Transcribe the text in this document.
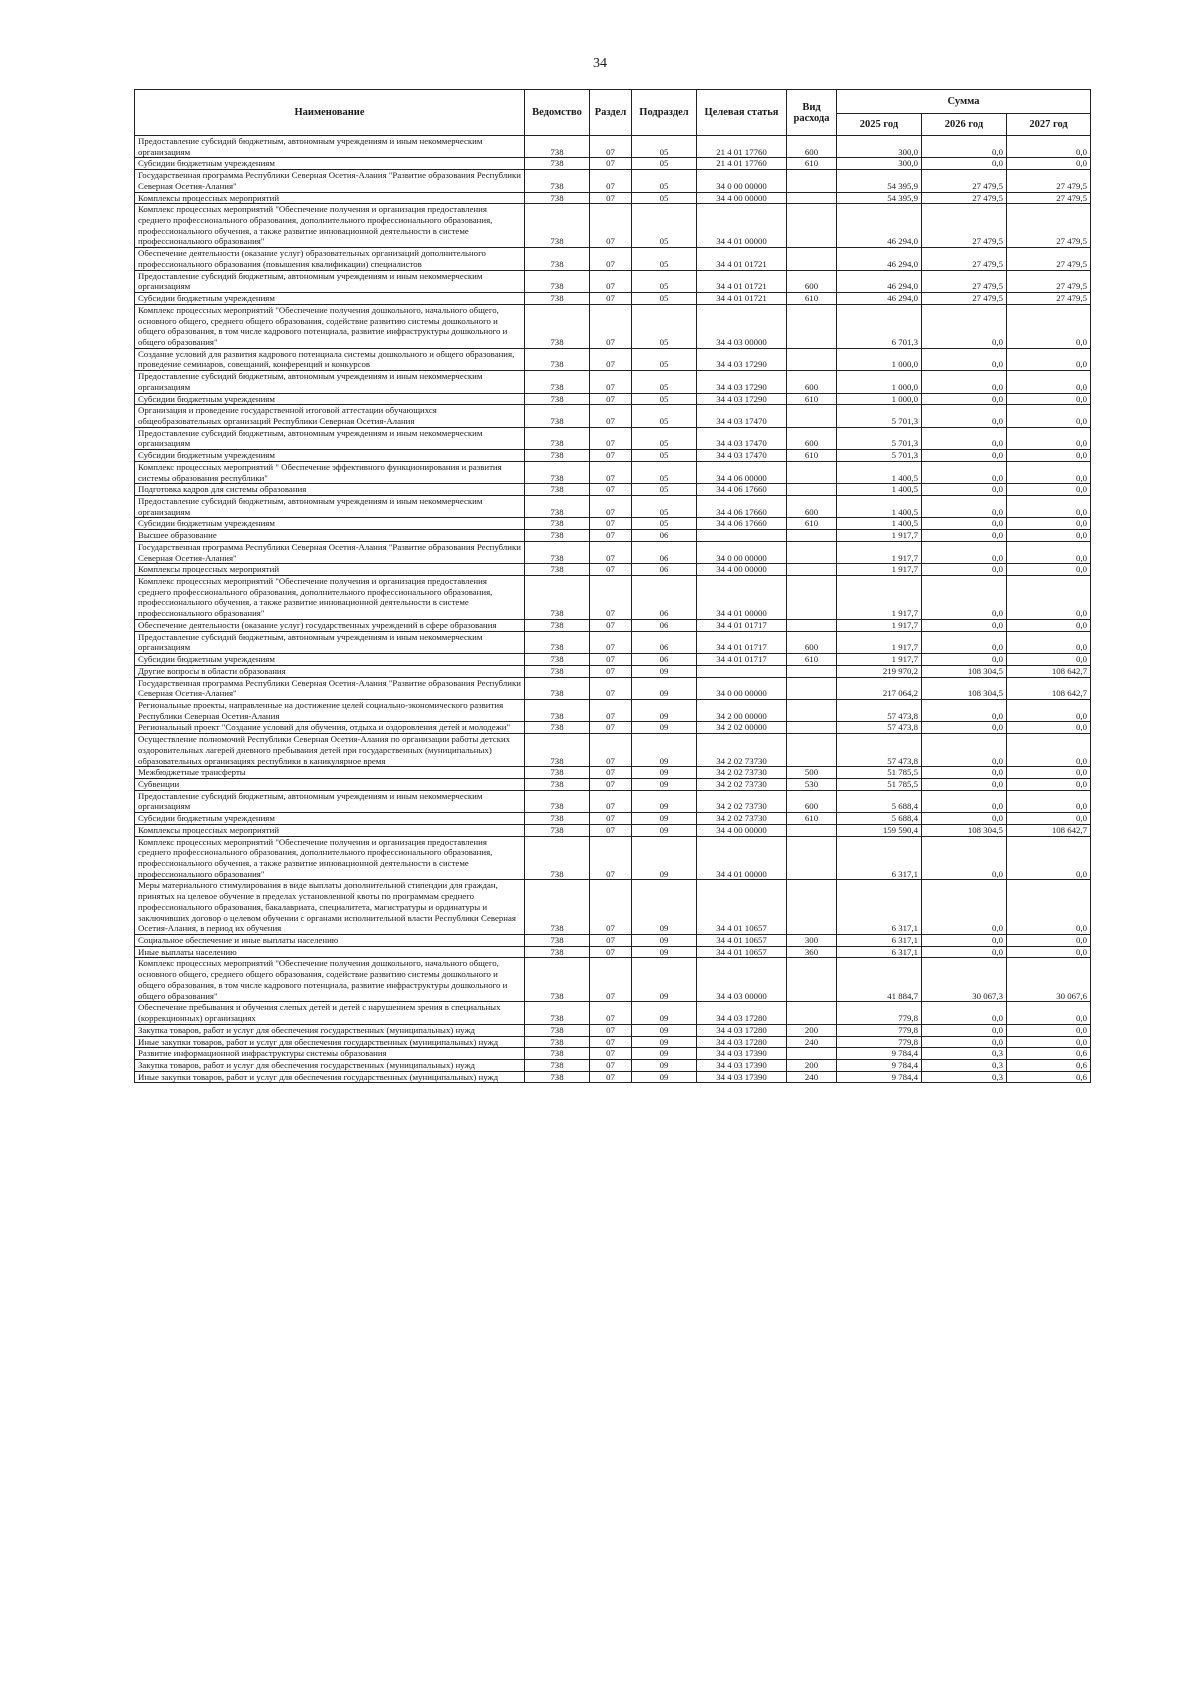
34
Наименование	Ведомство	Раздел	Подраздел	Целевая статья	Вид расхода	Сумма		
						2025 год	2026 год	2027 год
Предоставление субсидий бюджетным, автономным учреждениям и иным некоммерческим организациям	738	07	05	21 4 01 17760	600	300,0	0,0	0,0
Субсидии бюджетным учреждениям	738	07	05	21 4 01 17760	610	300,0	0,0	0,0
Государственная программа Республики Северная Осетия-Алания "Развитие образования Республики Северная Осетия-Алания"	738	07	05	34 0 00 00000		54 395,9	27 479,5	27 479,5
Комплексы процессных мероприятий	738	07	05	34 4 00 00000		54 395,9	27 479,5	27 479,5
Комплекс процессных мероприятий "Обеспечение получения и организация предоставления среднего профессионального образования, дополнительного профессионального образования, профессионального обучения, а также развитие инновационной деятельности в системе профессионального образования"	738	07	05	34 4 01 00000		46 294,0	27 479,5	27 479,5
Обеспечение деятельности (оказание услуг) образовательных организаций дополнительного профессионального образования (повышения квалификации) специалистов	738	07	05	34 4 01 01721		46 294,0	27 479,5	27 479,5
Предоставление субсидий бюджетным, автономным учреждениям и иным некоммерческим организациям	738	07	05	34 4 01 01721	600	46 294,0	27 479,5	27 479,5
Субсидии бюджетным учреждениям	738	07	05	34 4 01 01721	610	46 294,0	27 479,5	27 479,5
Комплекс процессных мероприятий "Обеспечение получения дошкольного, начального общего, основного общего, среднего общего образования, содействие развитию системы дошкольного и общего образования, в том числе кадрового потенциала, развитие инфраструктуры дошкольного и общего образования"	738	07	05	34 4 03 00000		6 701,3	0,0	0,0
Создание условий для развития кадрового потенциала системы дошкольного и общего образования, проведение семинаров, совещаний, конференций и конкурсов	738	07	05	34 4 03 17290		1 000,0	0,0	0,0
Предоставление субсидий бюджетным, автономным учреждениям и иным некоммерческим организациям	738	07	05	34 4 03 17290	600	1 000,0	0,0	0,0
Субсидии бюджетным учреждениям	738	07	05	34 4 03 17290	610	1 000,0	0,0	0,0
Организация и проведение государственной итоговой аттестации обучающихся общеобразовательных организаций Республики Северная Осетия-Алания	738	07	05	34 4 03 17470		5 701,3	0,0	0,0
Предоставление субсидий бюджетным, автономным учреждениям и иным некоммерческим организациям	738	07	05	34 4 03 17470	600	5 701,3	0,0	0,0
Субсидии бюджетным учреждениям	738	07	05	34 4 03 17470	610	5 701,3	0,0	0,0
Комплекс процессных мероприятий " Обеспечение эффективного функционирования и развития системы образования республики"	738	07	05	34 4 06 00000		1 400,5	0,0	0,0
Подготовка кадров для системы образования	738	07	05	34 4 06 17660		1 400,5	0,0	0,0
Предоставление субсидий бюджетным, автономным учреждениям и иным некоммерческим организациям	738	07	05	34 4 06 17660	600	1 400,5	0,0	0,0
Субсидии бюджетным учреждениям	738	07	05	34 4 06 17660	610	1 400,5	0,0	0,0
Высшее образование	738	07	06			1 917,7	0,0	0,0
Государственная программа Республики Северная Осетия-Алания "Развитие образования Республики Северная Осетия-Алания"	738	07	06	34 0 00 00000		1 917,7	0,0	0,0
Комплексы процессных мероприятий	738	07	06	34 4 00 00000		1 917,7	0,0	0,0
Комплекс процессных мероприятий "Обеспечение получения и организация предоставления среднего профессионального образования, дополнительного профессионального образования, профессионального обучения, а также развитие инновационной деятельности в системе профессионального образования"	738	07	06	34 4 01 00000		1 917,7	0,0	0,0
Обеспечение деятельности (оказание услуг) государственных учреждений в сфере образования	738	07	06	34 4 01 01717		1 917,7	0,0	0,0
Предоставление субсидий бюджетным, автономным учреждениям и иным некоммерческим организациям	738	07	06	34 4 01 01717	600	1 917,7	0,0	0,0
Субсидии бюджетным учреждениям	738	07	06	34 4 01 01717	610	1 917,7	0,0	0,0
Другие вопросы в области образования	738	07	09			219 970,2	108 304,5	108 642,7
Государственная программа Республики Северная Осетия-Алания "Развитие образования Республики Северная Осетия-Алания"	738	07	09	34 0 00 00000		217 064,2	108 304,5	108 642,7
Региональные проекты, направленные на достижение целей социально-экономического развития Республики Северная Осетия-Алания	738	07	09	34 2 00 00000		57 473,8	0,0	0,0
Региональный проект "Создание условий для обучения, отдыха и оздоровления детей и молодежи"	738	07	09	34 2 02 00000		57 473,8	0,0	0,0
Осуществление полномочий Республики Северная Осетия-Алания по организации работы детских оздоровительных лагерей дневного пребывания детей при государственных (муниципальных) образовательных организациях республики в каникулярное время	738	07	09	34 2 02 73730		57 473,8	0,0	0,0
Межбюджетные трансферты	738	07	09	34 2 02 73730	500	51 785,5	0,0	0,0
Субвенции	738	07	09	34 2 02 73730	530	51 785,5	0,0	0,0
Предоставление субсидий бюджетным, автономным учреждениям и иным некоммерческим организациям	738	07	09	34 2 02 73730	600	5 688,4	0,0	0,0
Субсидии бюджетным учреждениям	738	07	09	34 2 02 73730	610	5 688,4	0,0	0,0
Комплексы процессных мероприятий	738	07	09	34 4 00 00000		159 590,4	108 304,5	108 642,7
Комплекс процессных мероприятий "Обеспечение получения и организация предоставления среднего профессионального образования, дополнительного профессионального образования, профессионального обучения, а также развитие инновационной деятельности в системе профессионального образования"	738	07	09	34 4 01 00000		6 317,1	0,0	0,0
Меры материального стимулирования в виде выплаты дополнительной стипендии для граждан, принятых на целевое обучение в пределах установленной квоты по программам среднего профессионального образования, бакалавриата, специалитета, магистратуры и ординатуры и заключивших договор о целевом обучении с органами исполнительной власти Республики Северная Осетия-Алания, в период их обучения	738	07	09	34 4 01 10657		6 317,1	0,0	0,0
Социальное обеспечение и иные выплаты населению	738	07	09	34 4 01 10657	300	6 317,1	0,0	0,0
Иные выплаты населению	738	07	09	34 4 01 10657	360	6 317,1	0,0	0,0
Комплекс процессных мероприятий "Обеспечение получения дошкольного, начального общего, основного общего, среднего общего образования, содействие развитию системы дошкольного и общего образования, в том числе кадрового потенциала, развитие инфраструктуры дошкольного и общего образования"	738	07	09	34 4 03 00000		41 884,7	30 067,3	30 067,6
Обеспечение пребывания и обучения слепых детей и детей с нарушением зрения в специальных (коррекционных) организациях	738	07	09	34 4 03 17280		779,8	0,0	0,0
Закупка товаров, работ и услуг для обеспечения государственных (муниципальных) нужд	738	07	09	34 4 03 17280	200	779,8	0,0	0,0
Иные закупки товаров, работ и услуг для обеспечения государственных (муниципальных) нужд	738	07	09	34 4 03 17280	240	779,8	0,0	0,0
Развитие информационной инфраструктуры системы образования	738	07	09	34 4 03 17390		9 784,4	0,3	0,6
Закупка товаров, работ и услуг для обеспечения государственных (муниципальных) нужд	738	07	09	34 4 03 17390	200	9 784,4	0,3	0,6
Иные закупки товаров, работ и услуг для обеспечения государственных (муниципальных) нужд	738	07	09	34 4 03 17390	240	9 784,4	0,3	0,6
